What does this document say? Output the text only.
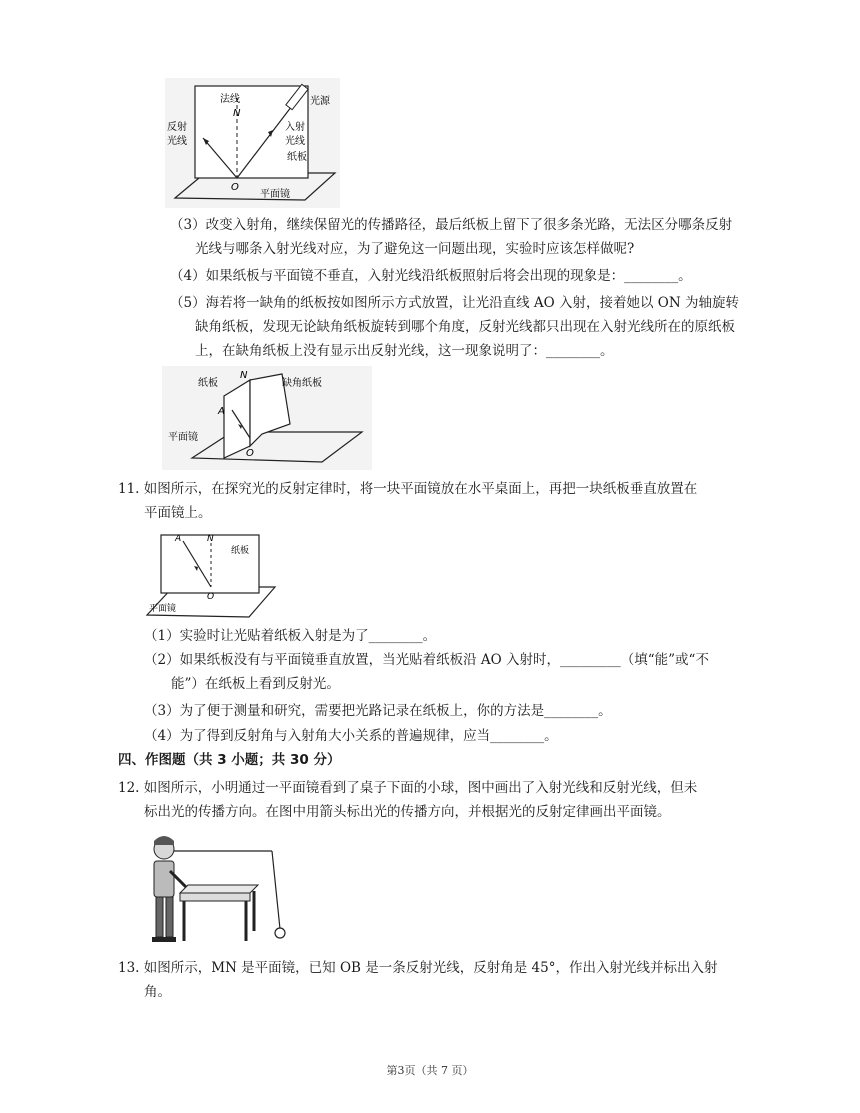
法线
N
光源
反射
光线
入射
光线
纸板
O
平面镜
（3）改变入射角，继续保留光的传播路径，最后纸板上留下了很多条光路，无法区分哪条反射
光线与哪条入射光线对应，为了避免这一问题出现，实验时应该怎样做呢?
（4）如果纸板与平面镜不垂直，入射光线沿纸板照射后将会出现的现象是：________。
（5）海若将一缺角的纸板按如图所示方式放置，让光沿直线 AO 入射，接着她以 ON 为轴旋转
缺角纸板，发现无论缺角纸板旋转到哪个角度，反射光线都只出现在入射光线所在的原纸板
上，在缺角纸板上没有显示出反射光线，这一现象说明了：________。
纸板
N
缺角纸板
A
平面镜
O
11. 如图所示，在探究光的反射定律时，将一块平面镜放在水平桌面上，再把一块纸板垂直放置在
平面镜上。
A	N
纸板
O
平面镜
（1）实验时让光贴着纸板入射是为了________。
（2）如果纸板没有与平面镜垂直放置，当光贴着纸板沿 AO 入射时，_________（填“能”或“不
能”）在纸板上看到反射光。
（3）为了便于测量和研究，需要把光路记录在纸板上，你的方法是________。
（4）为了得到反射角与入射角大小关系的普遍规律，应当________。
四、作图题（共 3 小题；共 30 分）
12. 如图所示，小明通过一平面镜看到了桌子下面的小球，图中画出了入射光线和反射光线，但未
标出光的传播方向。在图中用箭头标出光的传播方向，并根据光的反射定律画出平面镜。
13. 如图所示，MN 是平面镜，已知 OB 是一条反射光线，反射角是 45°，作出入射光线并标出入射
角。
第3页（共 7 页）
